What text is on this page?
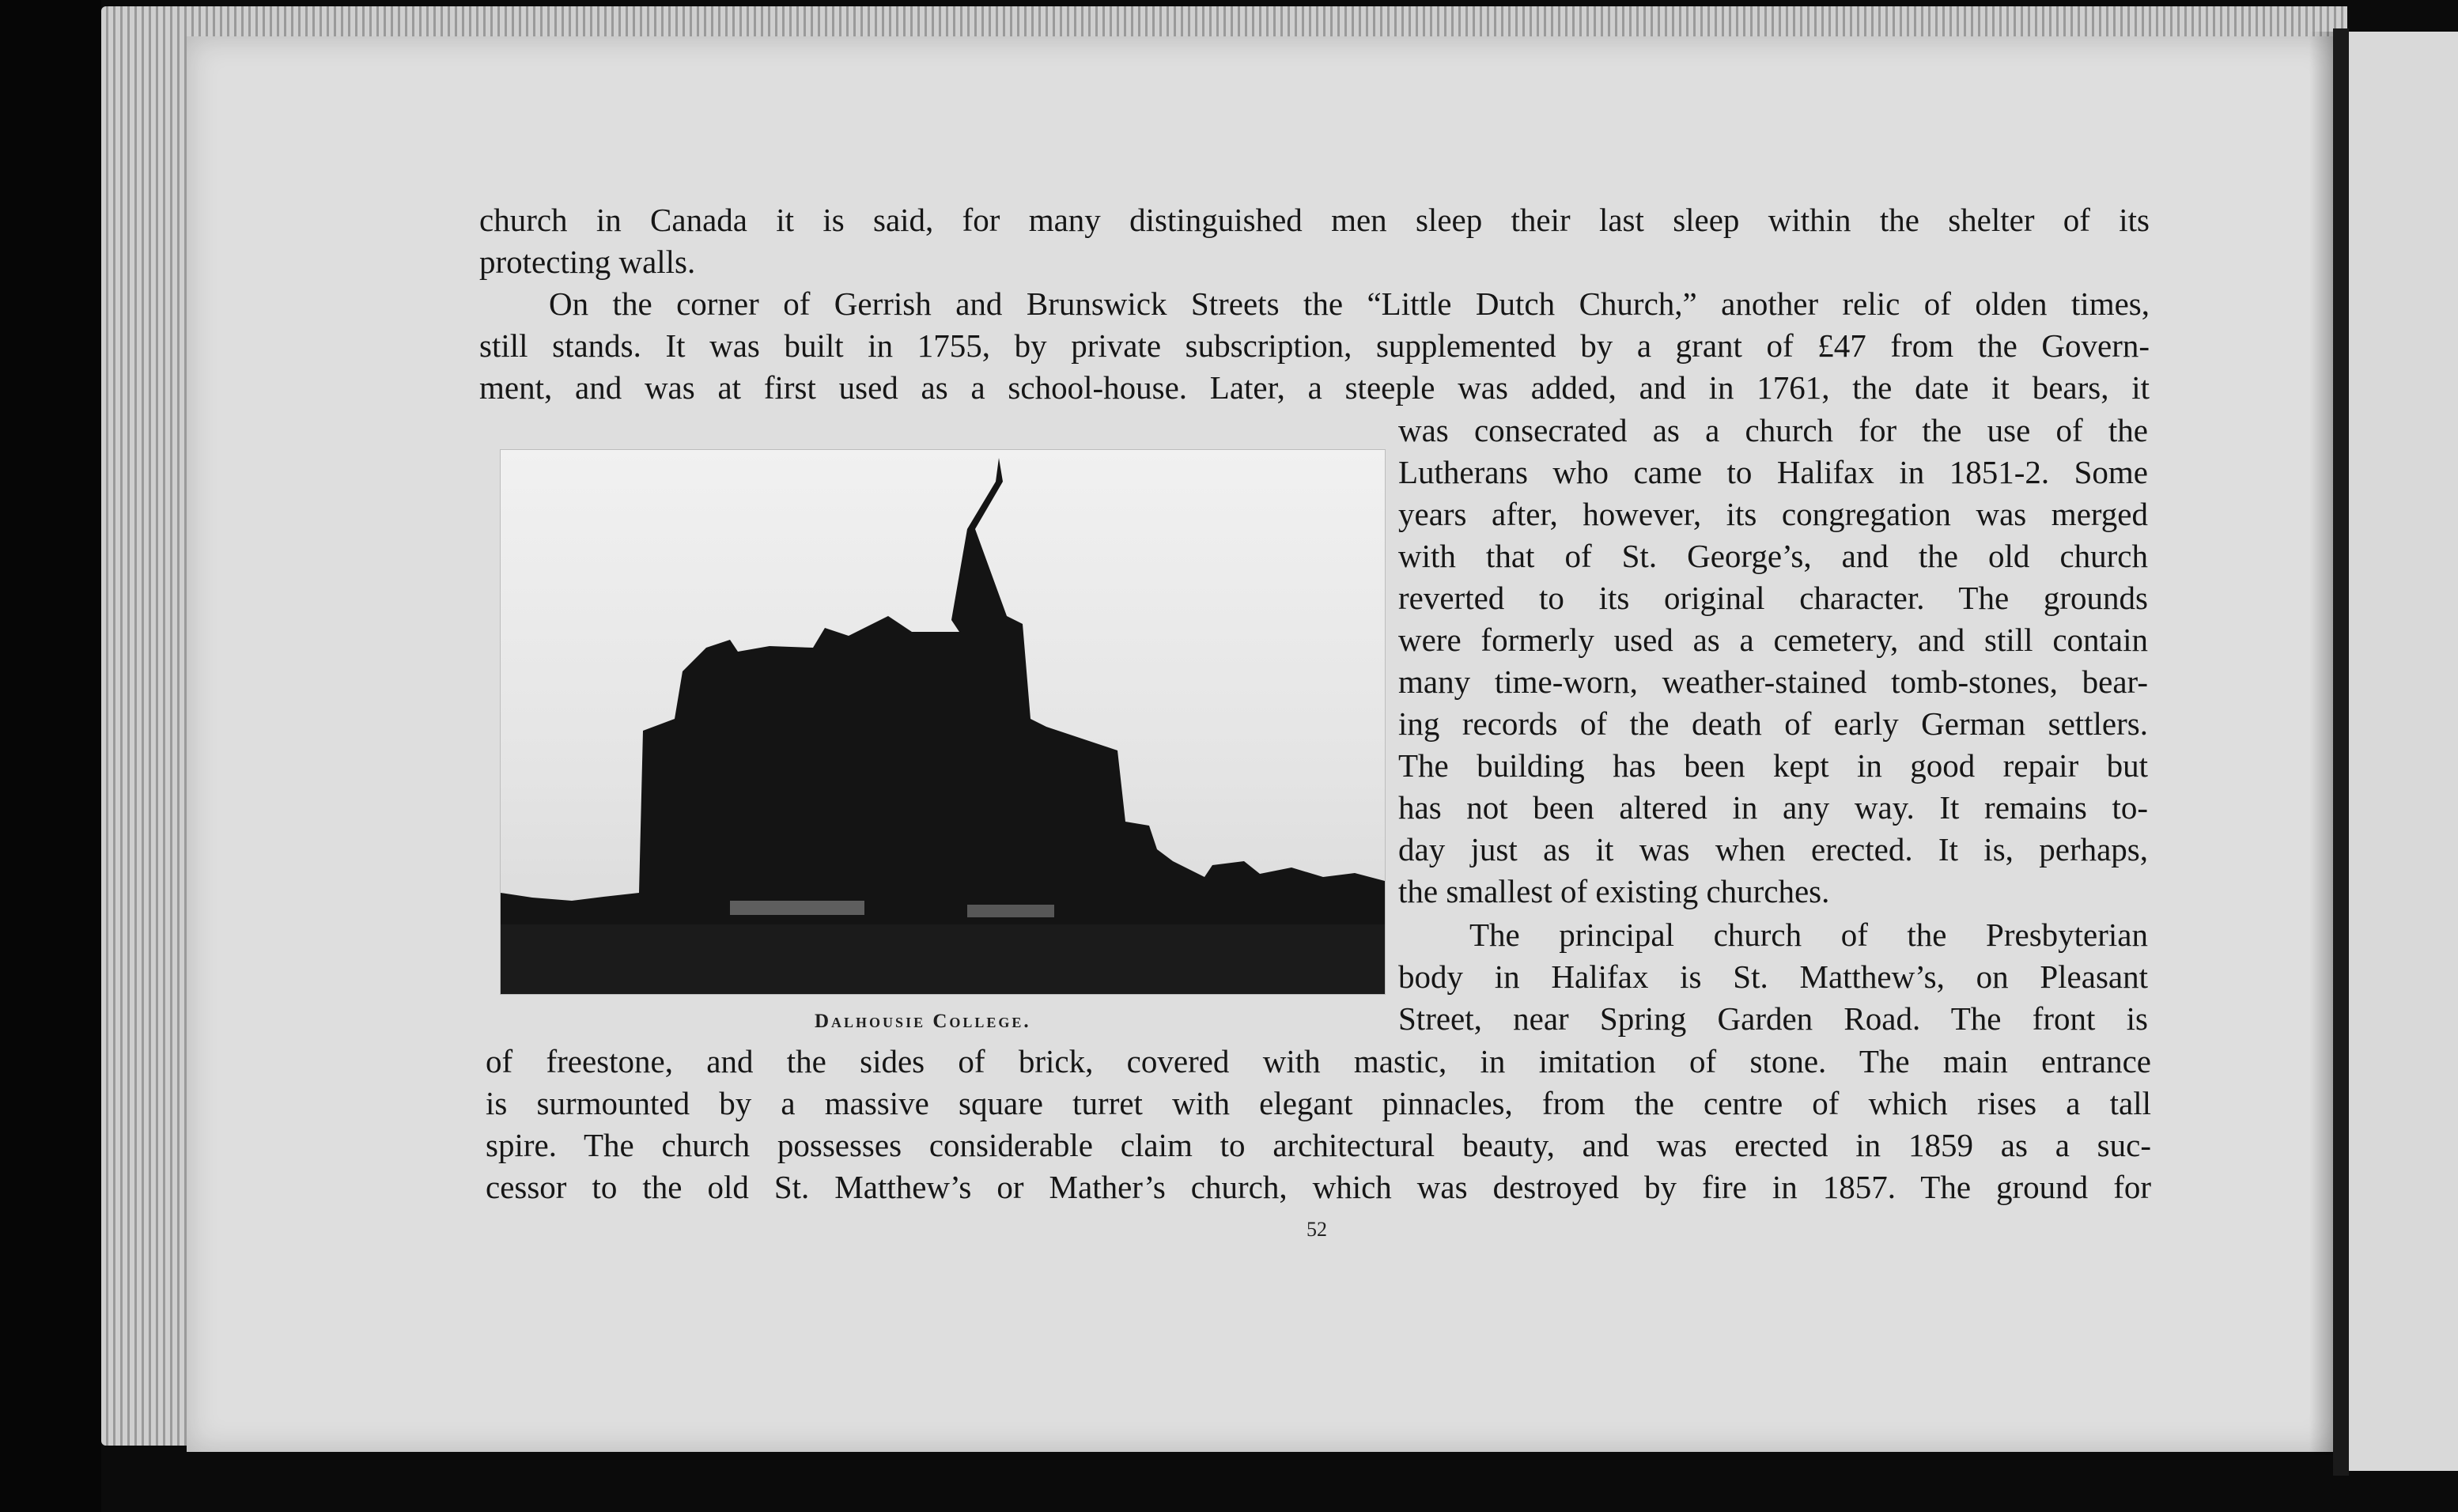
church in Canada it is said, for many distinguished men sleep their last sleep within the shelter of its
protecting walls.
On the corner of Gerrish and Brunswick Streets the “Little Dutch Church,” another relic of olden times,
still stands. It was built in 1755, by private subscription, supplemented by a grant of £47 from the Govern-
ment, and was at first used as a school-house. Later, a steeple was added, and in 1761, the date it bears, it
Dalhousie College.
was consecrated as a church for the use of the
Lutherans who came to Halifax in 1851-2. Some
years after, however, its congregation was merged
with that of St. George’s, and the old church
reverted to its original character. The grounds
were formerly used as a cemetery, and still contain
many time-worn, weather-stained tomb-stones, bear-
ing records of the death of early German settlers.
The building has been kept in good repair but
has not been altered in any way. It remains to-
day just as it was when erected. It is, perhaps,
the smallest of existing churches.
The principal church of the Presbyterian
body in Halifax is St. Matthew’s, on Pleasant
Street, near Spring Garden Road. The front is
of freestone, and the sides of brick, covered with mastic, in imitation of stone. The main entrance
is surmounted by a massive square turret with elegant pinnacles, from the centre of which rises a tall
spire. The church possesses considerable claim to architectural beauty, and was erected in 1859 as a suc-
cessor to the old St. Matthew’s or Mather’s church, which was destroyed by fire in 1857. The ground for
52
